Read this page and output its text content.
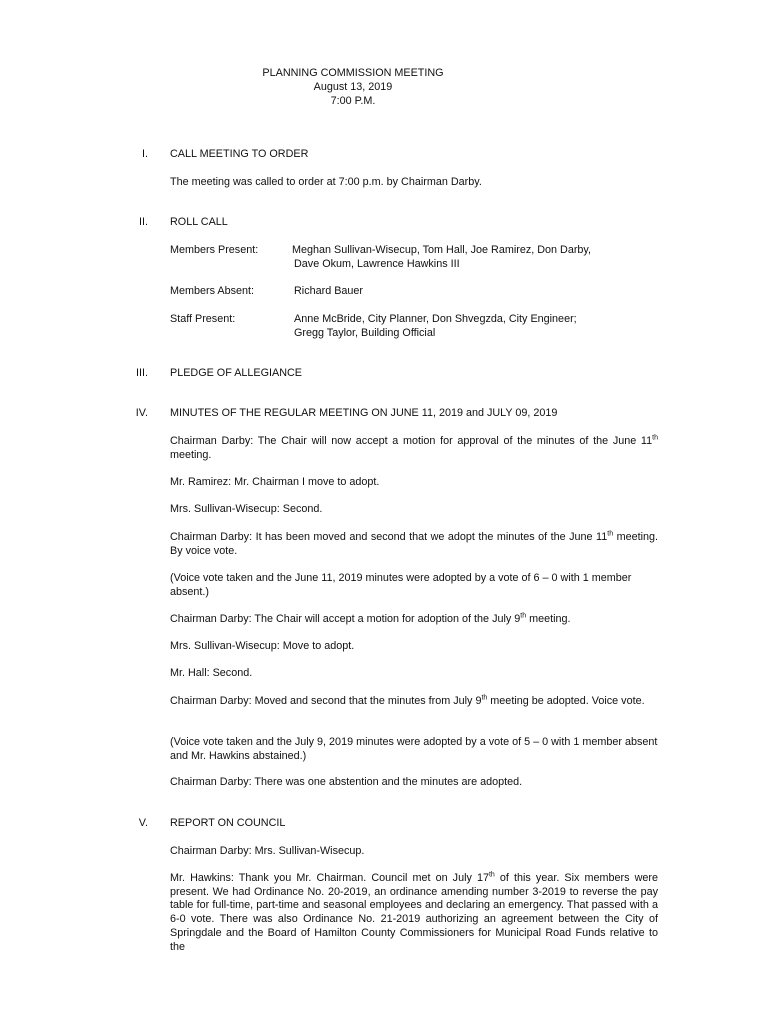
PLANNING COMMISSION MEETING
August 13, 2019
7:00 P.M.
I. CALL MEETING TO ORDER
The meeting was called to order at 7:00 p.m. by Chairman Darby.
II. ROLL CALL
Members Present:	Meghan Sullivan-Wisecup, Tom Hall, Joe Ramirez, Don Darby,
Dave Okum, Lawrence Hawkins III
Members Absent:	Richard Bauer
Staff Present:	Anne McBride, City Planner, Don Shvegzda, City Engineer;
Gregg Taylor, Building Official
III. PLEDGE OF ALLEGIANCE
IV. MINUTES OF THE REGULAR MEETING ON JUNE 11, 2019 and JULY 09, 2019
Chairman Darby: The Chair will now accept a motion for approval of the minutes of the June 11th meeting.
Mr. Ramirez: Mr. Chairman I move to adopt.
Mrs. Sullivan-Wisecup: Second.
Chairman Darby: It has been moved and second that we adopt the minutes of the June 11th meeting. By voice vote.
(Voice vote taken and the June 11, 2019 minutes were adopted by a vote of 6 – 0 with 1 member absent.)
Chairman Darby: The Chair will accept a motion for adoption of the July 9th meeting.
Mrs. Sullivan-Wisecup: Move to adopt.
Mr. Hall: Second.
Chairman Darby: Moved and second that the minutes from July 9th meeting be adopted. Voice vote.
(Voice vote taken and the July 9, 2019 minutes were adopted by a vote of 5 – 0 with 1 member absent and Mr. Hawkins abstained.)
Chairman Darby: There was one abstention and the minutes are adopted.
V. REPORT ON COUNCIL
Chairman Darby: Mrs. Sullivan-Wisecup.
Mr. Hawkins: Thank you Mr. Chairman. Council met on July 17th of this year. Six members were present. We had Ordinance No. 20-2019, an ordinance amending number 3-2019 to reverse the pay table for full-time, part-time and seasonal employees and declaring an emergency. That passed with a 6-0 vote. There was also Ordinance No. 21-2019 authorizing an agreement between the City of Springdale and the Board of Hamilton County Commissioners for Municipal Road Funds relative to the
